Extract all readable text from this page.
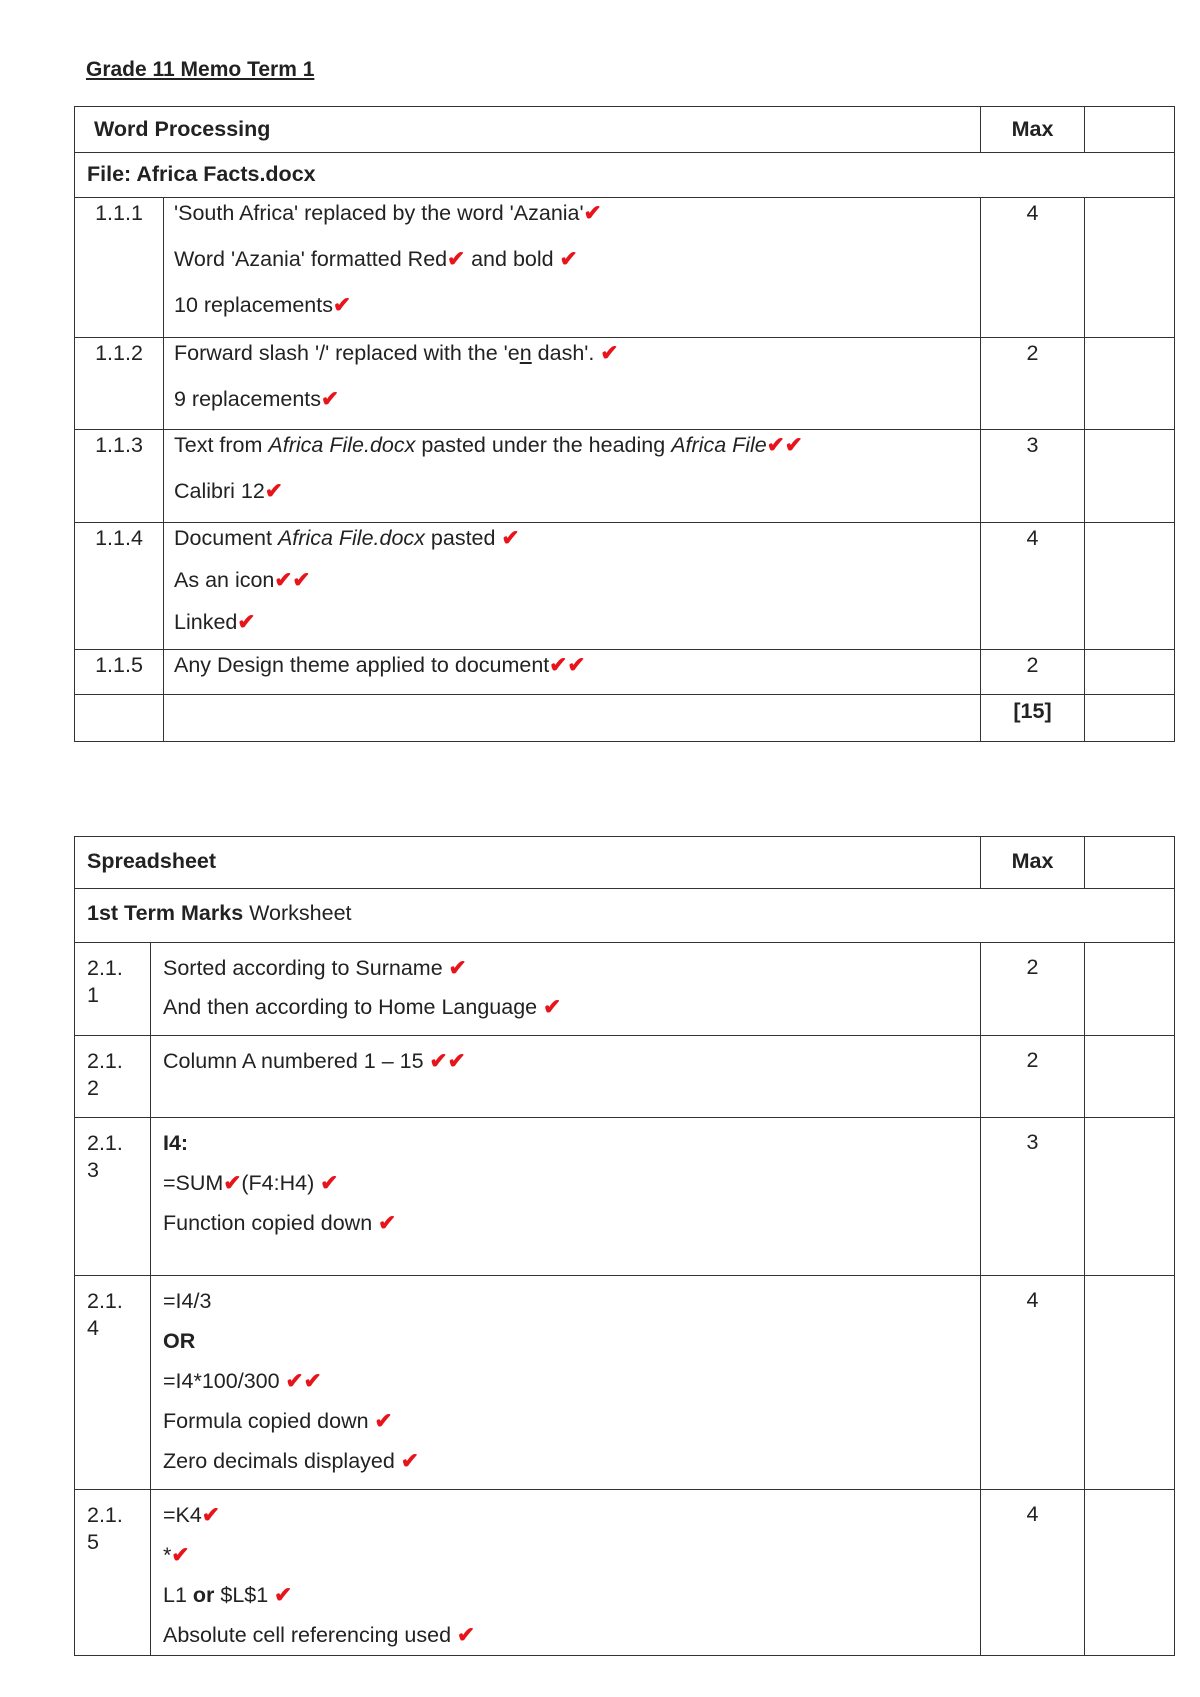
Grade 11 Memo Term 1
Word Processing		Max	
File: Africa Facts.docx			
1.1.1	'South Africa' replaced by the word 'Azania'✔
Word 'Azania' formatted Red✔ and bold ✔
10 replacements✔	4	
1.1.2	Forward slash '/' replaced with the 'en dash'. ✔
9 replacements✔	2	
1.1.3	Text from Africa File.docx pasted under the heading Africa File✔✔
Calibri 12✔	3	
1.1.4	Document Africa File.docx pasted ✔
As an icon✔✔
Linked✔	4	
1.1.5	Any Design theme applied to document✔✔	2	
		[15]	
Spreadsheet		Max	
1st Term Marks Worksheet			

2.1.
1	Sorted according to Surname ✔
And then according to Home Language ✔	2	

2.1.
2	Column A numbered 1 – 15 ✔✔	2	

2.1.
3	I4:
=SUM✔(F4:H4) ✔
Function copied down ✔	3	

2.1.
4	=I4/3
OR
=I4*100/300 ✔✔
Formula copied down ✔
Zero decimals displayed ✔	4	

2.1.
5	=K4✔
*✔
L1 or $L$1 ✔
Absolute cell referencing used ✔	4	
